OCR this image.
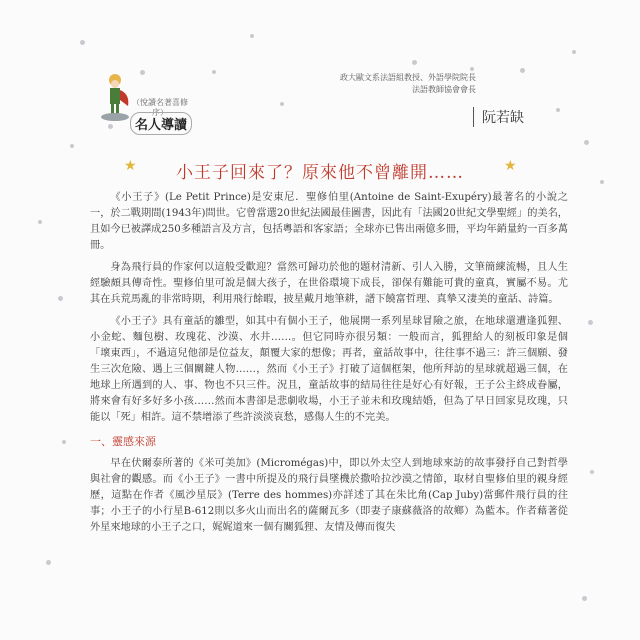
（悅讀名著喜修序）
名人導讀
政大歐文系法語組教授、外語學院院長
法語教師協會會長
阮若缺
★	★
小王子回來了？原來他不曾離開……

《小王子》(Le Petit Prince)是安東尼．聖修伯里(Antoine de Saint-Exupéry)最著名的小說之一，於二戰期間(1943年)問世。它曾當選20世紀法國最佳圖書，因此有「法國20世紀文學聖經」的美名，且如今已被譯成250多種語言及方言，包括粵語和客家語；全球亦已售出兩億多冊，平均年銷量約一百多萬冊。

身為飛行員的作家何以這般受歡迎？當然可歸功於他的題材清新、引人入勝，文筆簡練流暢，且人生經驗頗具傳奇性。聖修伯里可說是個大孩子，在世俗環境下成長，卻保有難能可貴的童真，實屬不易。尤其在兵荒馬亂的非常時期，利用飛行餘暇，披星戴月地筆耕，譜下饒富哲理、真摯又淒美的童話、詩篇。

《小王子》具有童話的雛型，如其中有個小王子，他展開一系列星球冒險之旅，在地球還遭逢狐狸、小金蛇、麵包樹、玫瑰花、沙漠、水井……。但它同時亦很另類：一般而言，狐狸給人的刻板印象是個「壞東西」，不過這兒他卻是位益友，顛覆大家的想像；再者，童話故事中，往往事不過三：許三個願、發生三次危險、遇上三個關鍵人物……，然而《小王子》打破了這個框架，他所拜訪的星球就超過三個，在地球上所遇到的人、事、物也不只三件。況且，童話故事的結局往往是好心有好報，王子公主終成眷屬，將來會有好多好多小孩……然而本書卻是悲劇收場，小王子並未和玫瑰結婚，但為了早日回家見玫瑰，只能以「死」相許。這不禁增添了些許淡淡哀愁，感傷人生的不完美。

一、靈感來源

早在伏爾泰所著的《米可美加》(Micromégas)中，即以外太空人到地球來訪的故事發抒自己對哲學與社會的觀感。而《小王子》一書中所提及的飛行員墜機於撒哈拉沙漠之情節，取材自聖修伯里的親身經歷，這點在作者《風沙星辰》(Terre des hommes)亦詳述了其在朱比角(Cap Juby)當郵件飛行員的往事；小王子的小行星B-612則以多火山而出名的薩爾瓦多（即妻子康蘇薇洛的故鄉）為藍本。作者藉著從外星來地球的小王子之口，娓娓道來一個有關狐狸、友情及傳而復失
